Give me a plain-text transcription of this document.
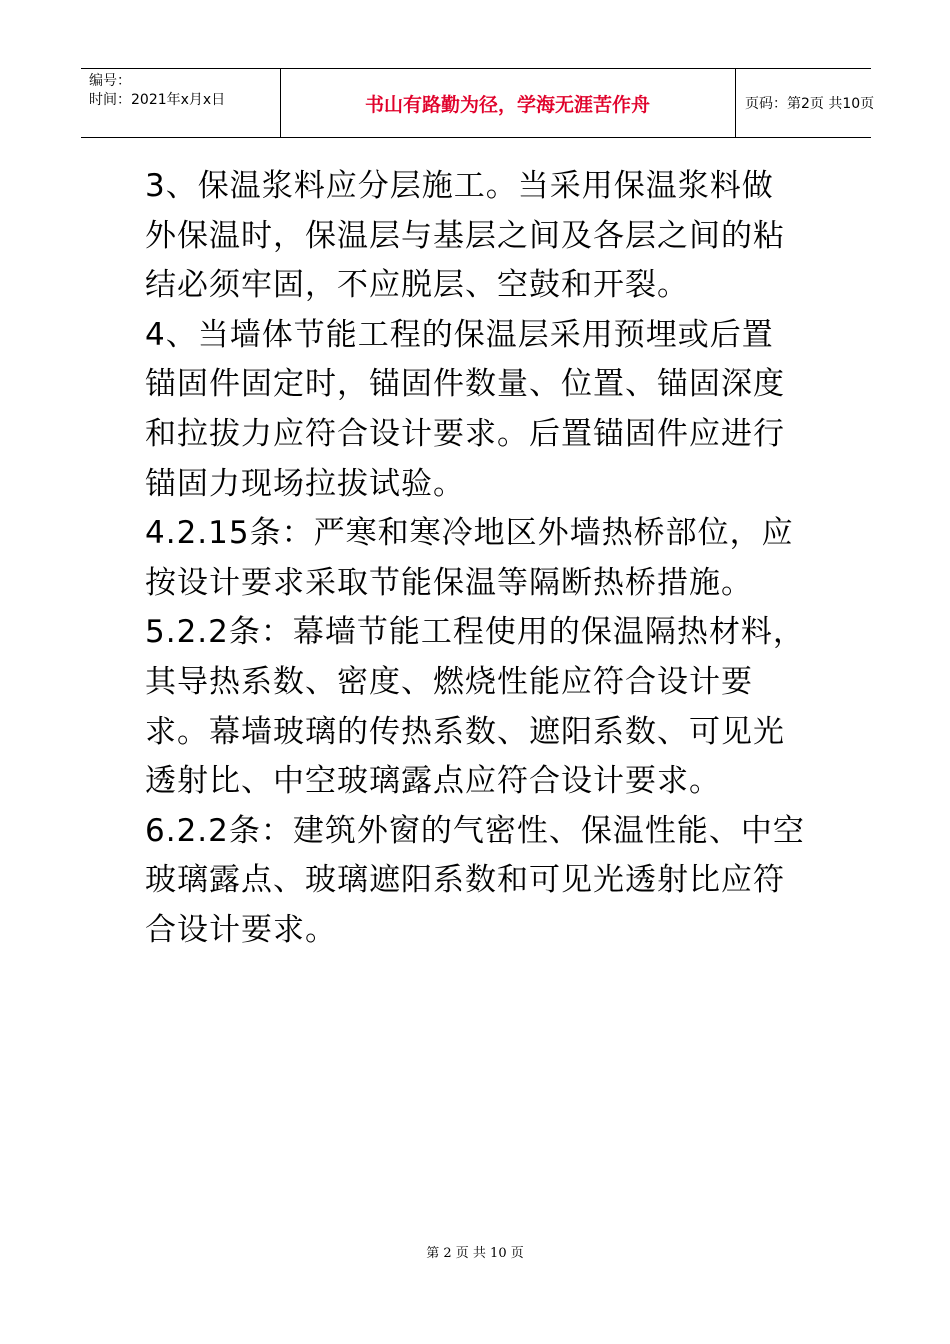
编号：
时间：2021年x月x日	书山有路勤为径，学海无涯苦作舟	页码：第2页 共10页

3、保温浆料应分层施工。当采用保温浆料做外保温时，保温层与基层之间及各层之间的粘结必须牢固，不应脱层、空鼓和开裂。

4、当墙体节能工程的保温层采用预埋或后置锚固件固定时，锚固件数量、位置、锚固深度和拉拔力应符合设计要求。后置锚固件应进行锚固力现场拉拔试验。

4.2.15条：严寒和寒冷地区外墙热桥部位，应按设计要求采取节能保温等隔断热桥措施。

5.2.2条：幕墙节能工程使用的保温隔热材料，其导热系数、密度、燃烧性能应符合设计要求。幕墙玻璃的传热系数、遮阳系数、可见光透射比、中空玻璃露点应符合设计要求。

6.2.2条：建筑外窗的气密性、保温性能、中空玻璃露点、玻璃遮阳系数和可见光透射比应符合设计要求。

第 2 页 共 10 页
